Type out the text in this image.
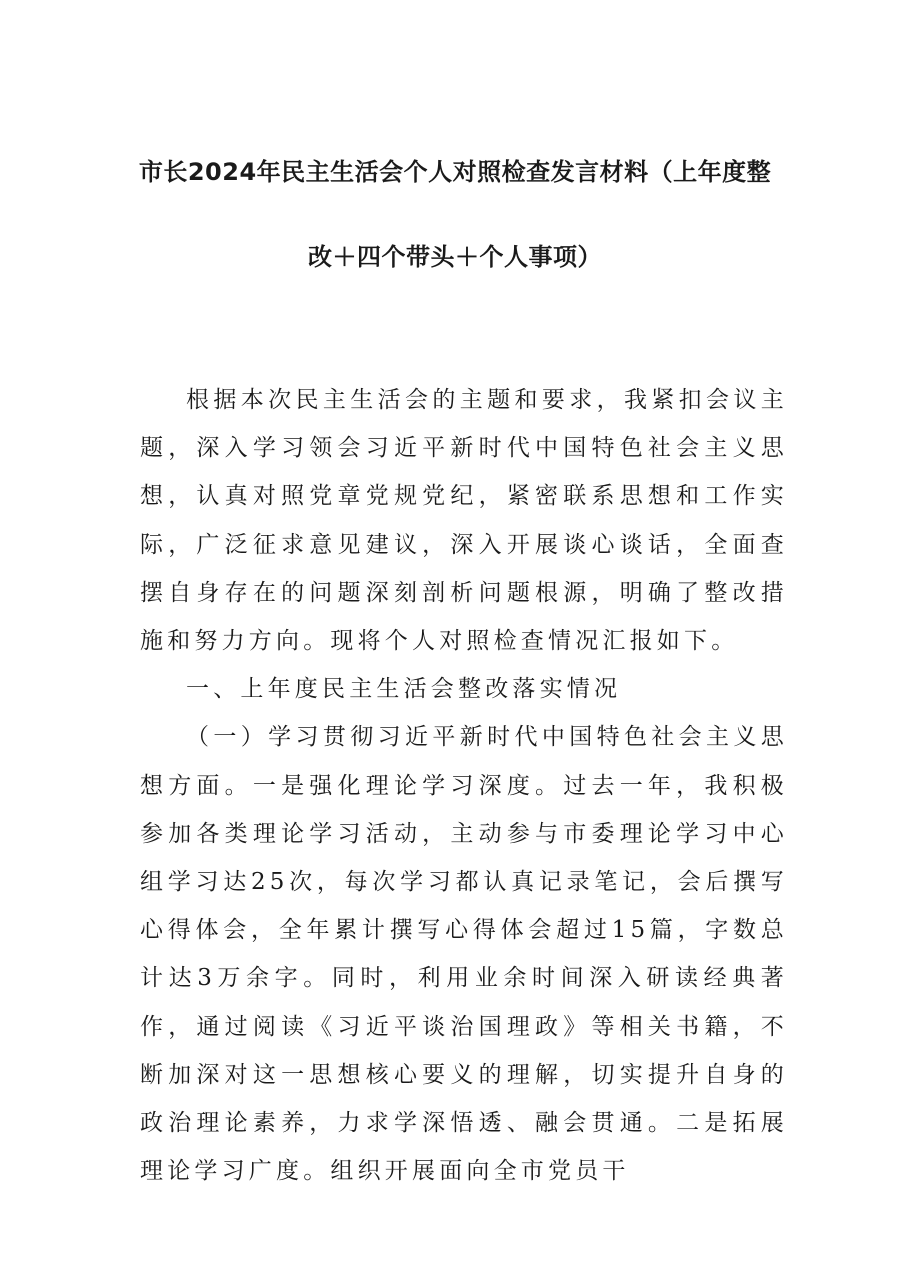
市长2024年民主生活会个人对照检查发言材料（上年度整
改＋四个带头＋个人事项）

根据本次民主生活会的主题和要求，我紧扣会议主题，深入学习领会习近平新时代中国特色社会主义思想，认真对照党章党规党纪，紧密联系思想和工作实际，广泛征求意见建议，深入开展谈心谈话，全面查摆自身存在的问题深刻剖析问题根源，明确了整改措施和努力方向。现将个人对照检查情况汇报如下。

一、上年度民主生活会整改落实情况

（一）学习贯彻习近平新时代中国特色社会主义思想方面。一是强化理论学习深度。过去一年，我积极参加各类理论学习活动，主动参与市委理论学习中心组学习达25次，每次学习都认真记录笔记，会后撰写心得体会，全年累计撰写心得体会超过15篇，字数总计达3万余字。同时，利用业余时间深入研读经典著作，通过阅读《习近平谈治国理政》等相关书籍，不断加深对这一思想核心要义的理解，切实提升自身的政治理论素养，力求学深悟透、融会贯通。二是拓展理论学习广度。组织开展面向全市党员干
